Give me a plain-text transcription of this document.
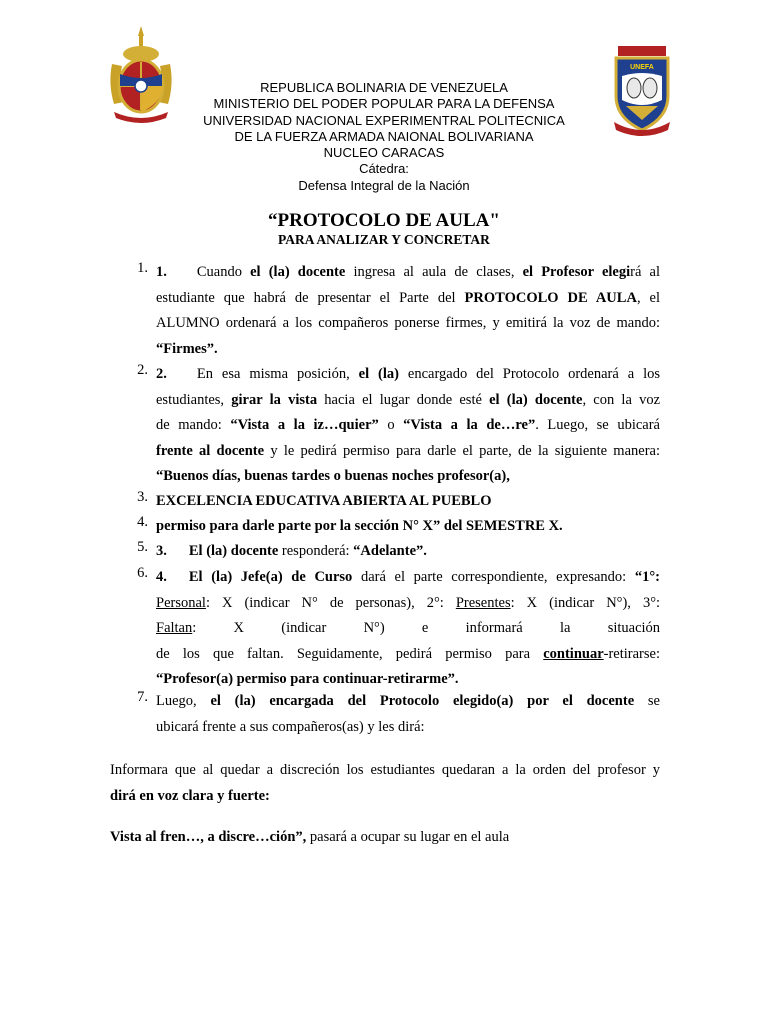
UNEFA
REPUBLICA BOLINARIA DE VENEZUELA
MINISTERIO DEL PODER POPULAR PARA LA DEFENSA
UNIVERSIDAD NACIONAL EXPERIMENTRAL POLITECNICA
DE LA FUERZA ARMADA NAIONAL BOLIVARIANA
NUCLEO CARACAS
Cátedra:
Defensa Integral de la Nación
“PROTOCOLO DE AULA"
PARA ANALIZAR Y CONCRETAR
1. 1. Cuando el (la) docente ingresa al aula de clases, el Profesor elegirá al
estudiante que habrá de presentar el Parte del PROTOCOLO DE AULA, el
ALUMNO ordenará a los compañeros ponerse firmes, y emitirá la voz de mando:
“Firmes”.
2. 2. En esa misma posición, el (la) encargado del Protocolo ordenará a los
estudiantes, girar la vista hacia el lugar donde esté el (la) docente, con la voz
de mando: “Vista a la iz…quier” o “Vista a la de…re”. Luego, se ubicará
frente al docente y le pedirá permiso para darle el parte, de la siguiente manera:
“Buenos días, buenas tardes o buenas noches profesor(a),
3. EXCELENCIA EDUCATIVA ABIERTA AL PUEBLO
4. permiso para darle parte por la sección N° X” del SEMESTRE X.
5. 3. El (la) docente responderá: “Adelante”.
6. 4. El (la) Jefe(a) de Curso dará el parte correspondiente, expresando: “1°:
Personal: X (indicar N° de personas), 2°: Presentes: X (indicar N°), 3°:
Faltan:	X	(indicar	N°)	e	informará	la	situación
de los que faltan. Seguidamente, pedirá permiso para continuar-retirarse:
“Profesor(a) permiso para continuar-retirarme”.
7. Luego, el (la) encargada del Protocolo elegido(a) por el docente se
ubicará frente a sus compañeros(as) y les dirá:
Informara que al quedar a discreción los estudiantes quedaran a la orden del profesor y
dirá en voz clara y fuerte:
Vista al fren…, a discre…ción”, pasará a ocupar su lugar en el aula
